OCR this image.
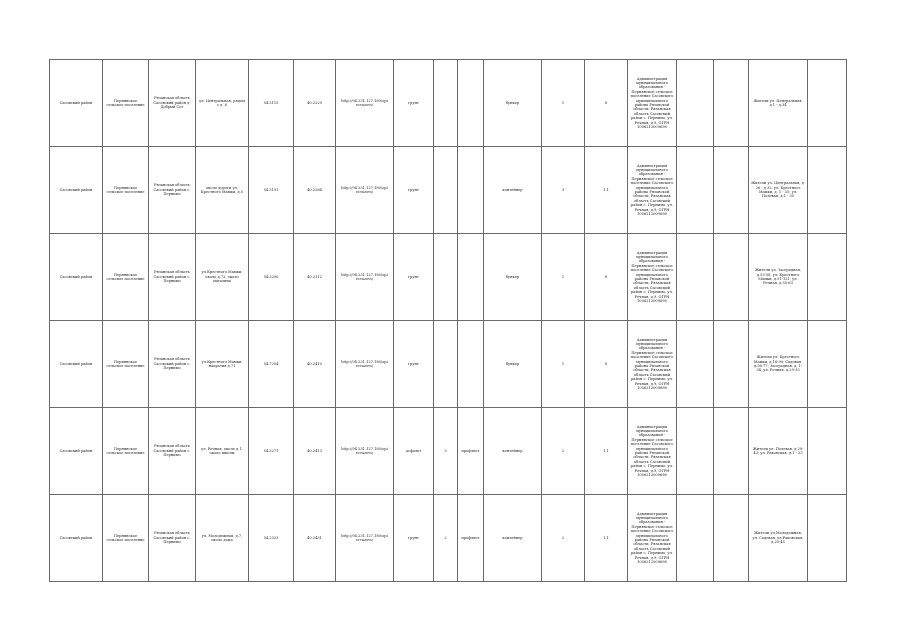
Сасовский район	Пернянское сельское поселение	Рязанская область Сасовский район д. Добрый Сот	ул. Центральная, рядом с д. 6	54.3115	40.2229	http://94.231.127.180/opi ecvazovs/	грунт			бункер	1	8	Администрация муниципального образования - Пернянское сельское поселение Сасовского муниципального района Рязанской области, Рязанская область Сасовский район с. Пернимо, ул. Речная, д.9, ОГРН 1056212009698			Жители ул. Центральная, д.1 - д.34	
Сасовский район	Пернянское сельское поселение	Рязанская область Сасовский район с. Пернимо	около дороги ул. Крестного Мамки, д.5	54.3191	40.2284	http://94.231.127.180/opi ecvazovs/	грунт			контейнер	3	1.1	Администрация муниципального образования - Пернянское сельское поселение Сасовского муниципального района Рязанской области, Рязанская область Сасовский район с. Пернимо, ул. Речная, д.9, ОГРН 1056212009698			Жители ул. Центральная, д. 26 - д.32, ул. Крестного Мамки, д. 1 - 35; ул. Полевая, д.1 - 35	
Сасовский район	Пернянское сельское поселение	Рязанская область Сасовский район с. Пернимо	ул.Крестного Мамки, около д.72, около магазина	54.3290	40.2112	http://94.231.127.180/opi ecvazovs/	грунт			бункер	1	8	Администрация муниципального образования - Пернянское сельское поселение Сасовского муниципального района Рязанской области, Рязанская область Сасовский район с. Пернимо, ул. Речная, д.9, ОГРН 1056212009698			Жители ул. Заоградная, д.53-58, ул. Крестного Мамки, д.91-121; ул. Речная, д.55-63	
Сасовский район	Пернянское сельское поселение	Рязанская область Сасовский район с. Пернимо	ул.Крестного Мамки, напротив д.71	54.7254	40.2410	http://94.231.127.180/opi ecvazovs/	грунт			бункер	1	8	Администрация муниципального образования - Пернянское сельское поселение Сасовского муниципального района Рязанской области, Рязанская область Сасовский район с. Пернимо, ул. Речная, д.9, ОГРН 1056212009698			Жители ул. Крестного Мамки, д.16-90; Садовая, д.56-77; Заоградная, д. 1-34; ул. Речная, д.29-35	
Сасовский район	Пернянское сельское поселение	Рязанская область Сасовский район с. Пернимо	ул. Речная, около д.1, около школы	54.3271	40.2413	http://94.231.127.180/opi ecvazovs/	асфальт	3	профлист	контейнер	2	1.1	Администрация муниципального образования - Пернянское сельское поселение Сасовского муниципального района Рязанской области, Рязанская область Сасовский район с. Пернимо, ул. Речная, д.9, ОГРН 1056212009698			Жители ул. Полевая, д.29-43; ул. Раковская, д.1 - 23	
Сасовский район	Пернянское сельское поселение	Рязанская область Сасовский район с. Пернимо	ул. Молодежная, д.7, около дома	54.2323	40.2431	http://94.231.127.180/opi ecvazovs/	грунт	2	профлист	контейнер	2	1.1	Администрация муниципального образования - Пернянское сельское поселение Сасовского муниципального района Рязанской области, Рязанская область Сасовский район с. Пернимо, ул. Речная, д.9, ОГРН 1056212009698			Жители ул.Молодежная, ул. Садовая, ул.Раковская, д.25-45	
